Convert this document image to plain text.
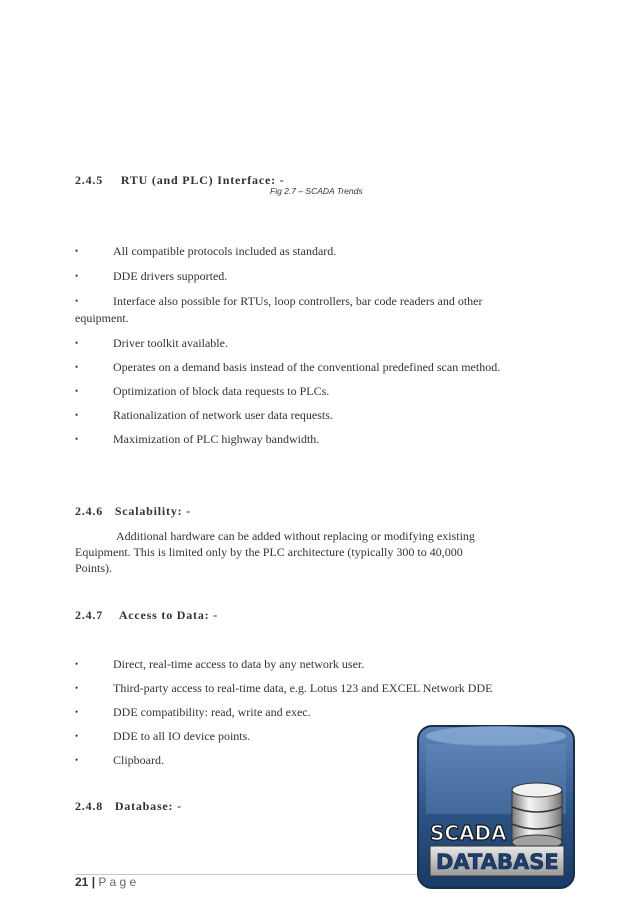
2.4.5 RTU (and PLC) Interface: -
Fig 2.7 – SCADA Trends
•	All compatible protocols included as standard.
•	DDE drivers supported.
•	Interface also possible for RTUs, loop controllers, bar code readers and other
equipment.
•	Driver toolkit available.
•	Operates on a demand basis instead of the conventional predefined scan method.
•	Optimization of block data requests to PLCs.
•	Rationalization of network user data requests.
•	Maximization of PLC highway bandwidth.
2.4.6 Scalability: -
Additional hardware can be added without replacing or modifying existing
Equipment. This is limited only by the PLC architecture (typically 300 to 40,000
Points).
2.4.7 Access to Data: -
•	Direct, real-time access to data by any network user.
•	Third-party access to real-time data, e.g. Lotus 123 and EXCEL Network DDE
•	DDE compatibility: read, write and exec.
•	DDE to all IO device points.
•	Clipboard.
2.4.8 Database: -
21 | P a g e
SCADA
DATABASE
